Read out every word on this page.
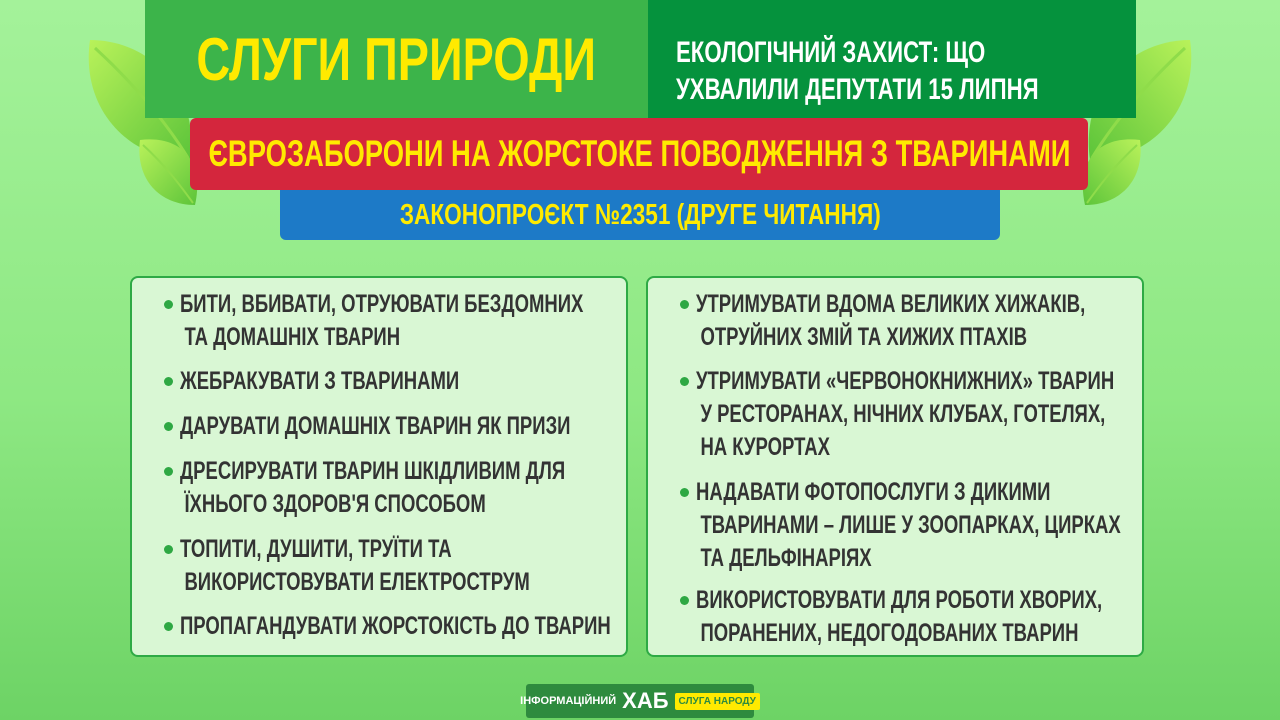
СЛУГИ ПРИРОДИ	ЕКОЛОГІЧНИЙ ЗАХИСТ: ЩО
УХВАЛИЛИ ДЕПУТАТИ 15 ЛИПНЯ
ЄВРОЗАБОРОНИ НА ЖОРСТОКЕ ПОВОДЖЕННЯ З ТВАРИНАМИ
ЗАКОНОПРОЄКТ №2351 (ДРУГЕ ЧИТАННЯ)
БИТИ, ВБИВАТИ, ОТРУЮВАТИ БЕЗДОМНИХ
ТА ДОМАШНІХ ТВАРИН
ЖЕБРАКУВАТИ З ТВАРИНАМИ
ДАРУВАТИ ДОМАШНІХ ТВАРИН ЯК ПРИЗИ
ДРЕСИРУВАТИ ТВАРИН ШКІДЛИВИМ ДЛЯ
ЇХНЬОГО ЗДОРОВ'Я СПОСОБОМ
ТОПИТИ, ДУШИТИ, ТРУЇТИ ТА
ВИКОРИСТОВУВАТИ ЕЛЕКТРОСТРУМ
ПРОПАГАНДУВАТИ ЖОРСТОКІСТЬ ДО ТВАРИН
УТРИМУВАТИ ВДОМА ВЕЛИКИХ ХИЖАКІВ,
ОТРУЙНИХ ЗМІЙ ТА ХИЖИХ ПТАХІВ
УТРИМУВАТИ «ЧЕРВОНОКНИЖНИХ» ТВАРИН
У РЕСТОРАНАХ, НІЧНИХ КЛУБАХ, ГОТЕЛЯХ,
НА КУРОРТАХ
НАДАВАТИ ФОТОПОСЛУГИ З ДИКИМИ
ТВАРИНАМИ – ЛИШЕ У ЗООПАРКАХ, ЦИРКАХ
ТА ДЕЛЬФІНАРІЯХ
ВИКОРИСТОВУВАТИ ДЛЯ РОБОТИ ХВОРИХ,
ПОРАНЕНИХ, НЕДОГОДОВАНИХ ТВАРИН
ІНФОРМАЦІЙНИЙ ХАБ	СЛУГА НАРОДУ
